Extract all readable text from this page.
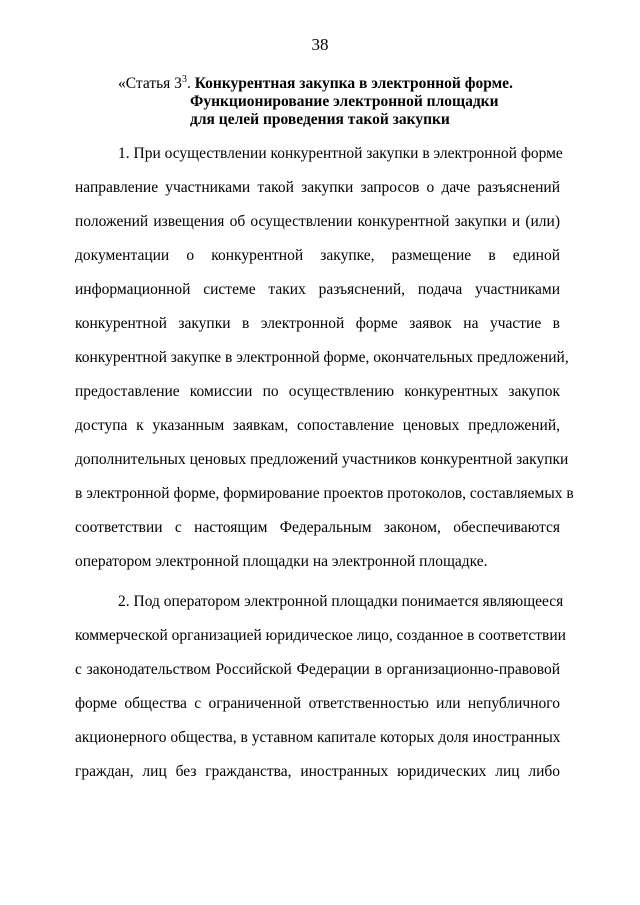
38
«Статья $3^3$. Конкурентная закупка в электронной форме.
Функционирование электронной площадки
для целей проведения такой закупки
1. При осуществлении конкурентной закупки в электронной форме
направление участниками такой закупки запросов о даче разъяснений
положений извещения об осуществлении конкурентной закупки и (или)
документации о конкурентной закупке, размещение в единой
информационной системе таких разъяснений, подача участниками
конкурентной закупки в электронной форме заявок на участие в
конкурентной закупке в электронной форме, окончательных предложений,
предоставление комиссии по осуществлению конкурентных закупок
доступа к указанным заявкам, сопоставление ценовых предложений,
дополнительных ценовых предложений участников конкурентной закупки
в электронной форме, формирование проектов протоколов, составляемых в
соответствии с настоящим Федеральным законом, обеспечиваются
оператором электронной площадки на электронной площадке.
2. Под оператором электронной площадки понимается являющееся
коммерческой организацией юридическое лицо, созданное в соответствии
с законодательством Российской Федерации в организационно-правовой
форме общества с ограниченной ответственностью или непубличного
акционерного общества, в уставном капитале которых доля иностранных
граждан, лиц без гражданства, иностранных юридических лиц либо
